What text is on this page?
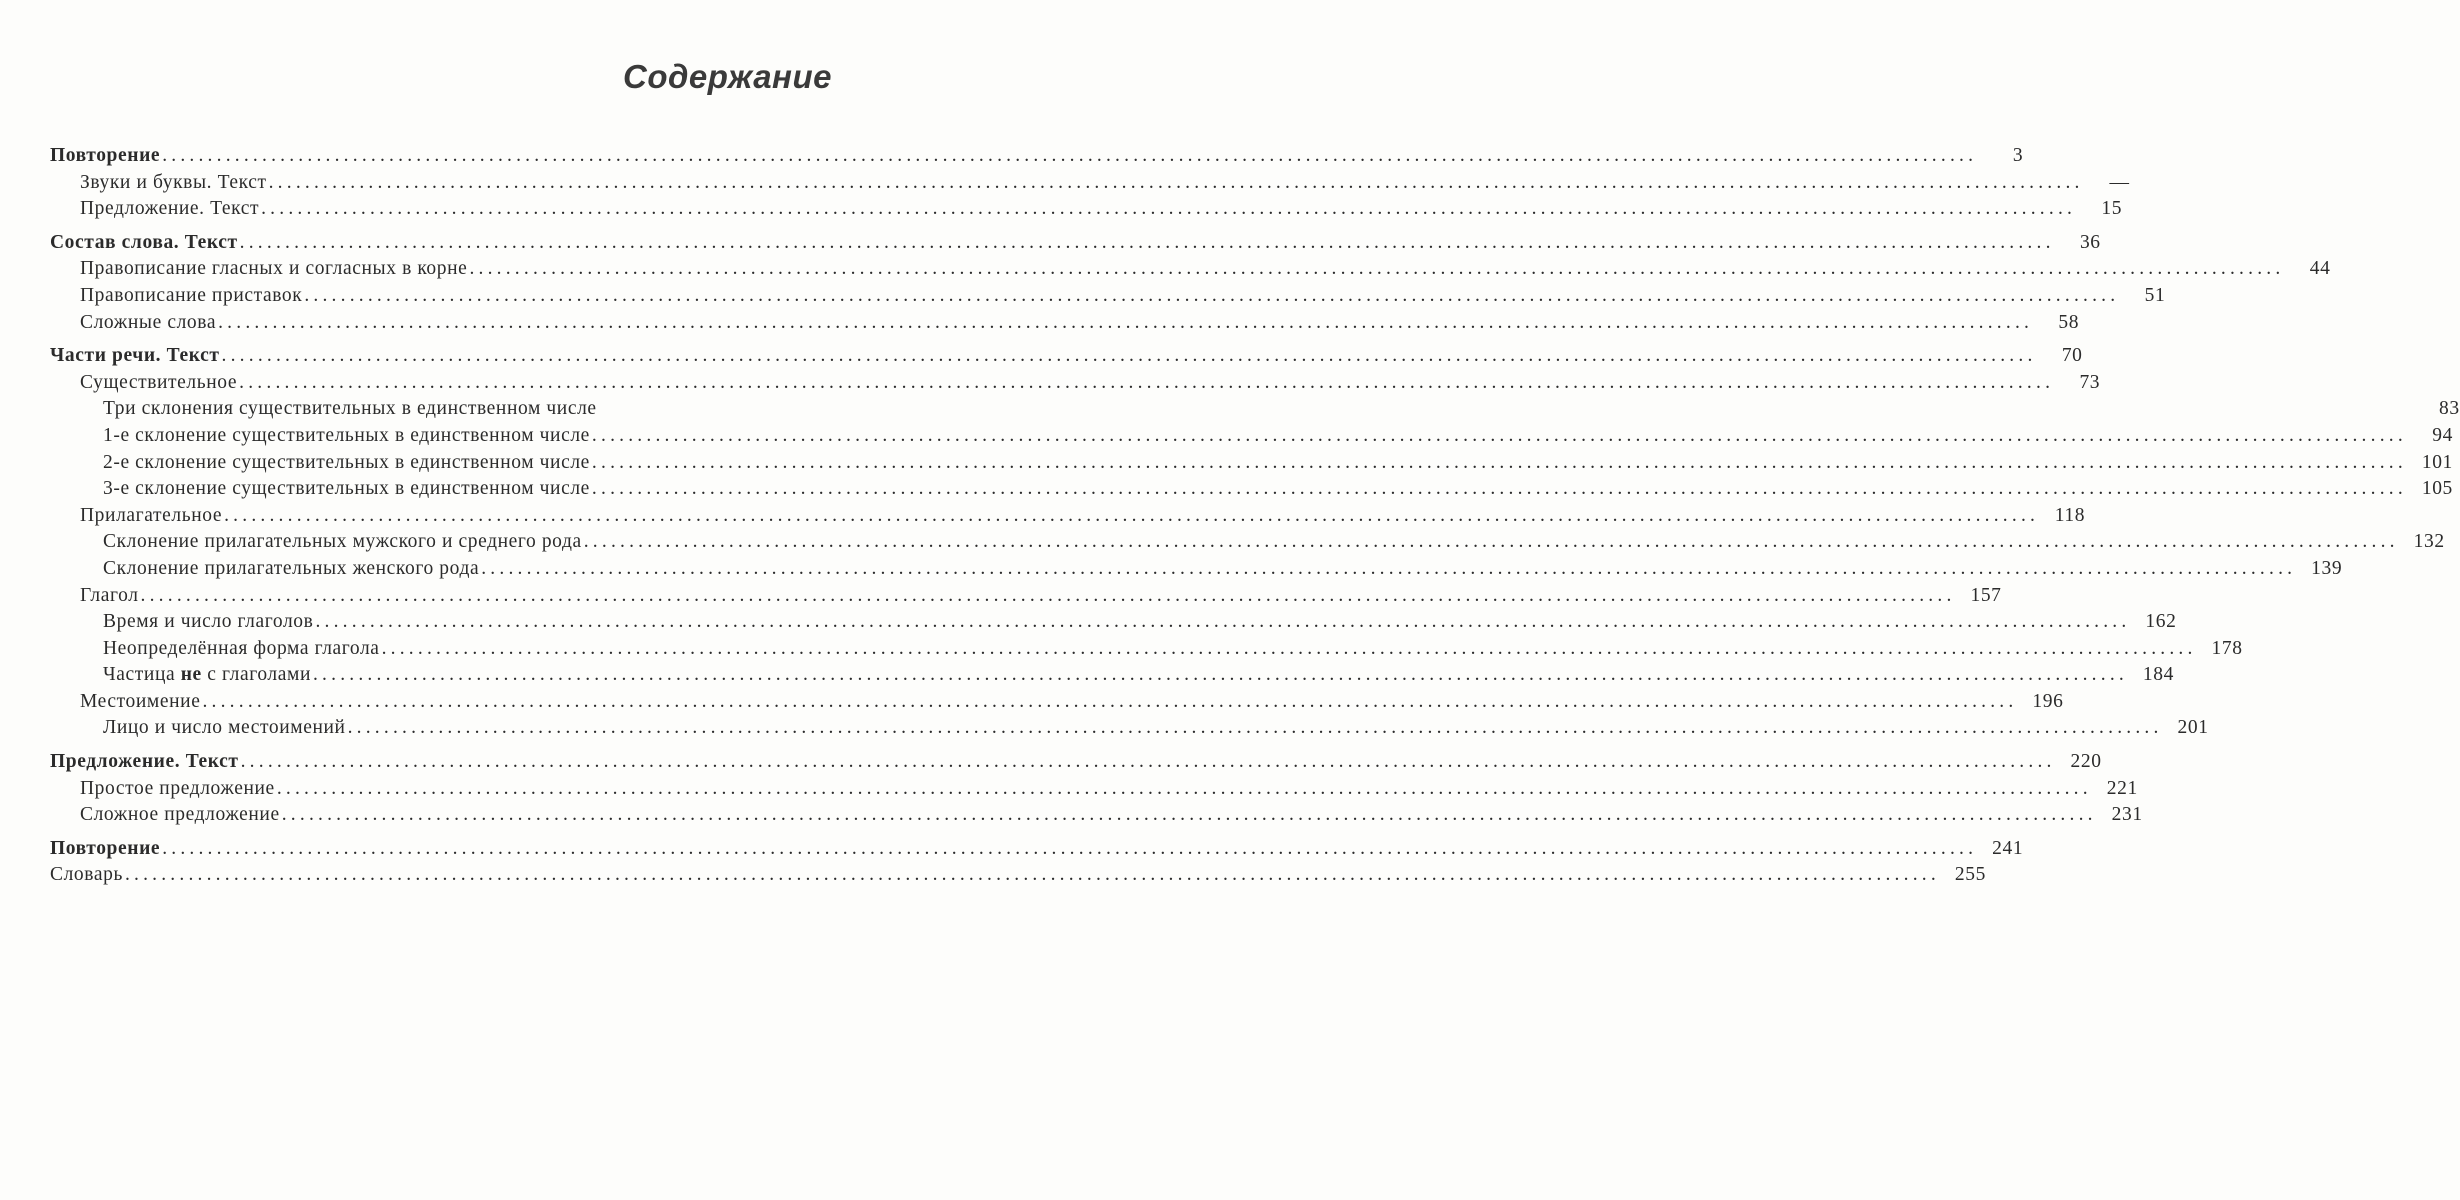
Содержание
Повторение ........................................................................................................................................................................................................	3
Звуки и буквы. Текст ........................................................................................................................................................................................................	—
Предложение. Текст ........................................................................................................................................................................................................	15
Состав слова. Текст ........................................................................................................................................................................................................	36
Правописание гласных и согласных в корне ........................................................................................................................................................................................................	44
Правописание приставок ........................................................................................................................................................................................................	51
Сложные слова ........................................................................................................................................................................................................	58
Части речи. Текст ........................................................................................................................................................................................................	70
Существительное ........................................................................................................................................................................................................	73
Три склонения существительных в единственном числе	83
1-е склонение существительных в единственном числе ........................................................................................................................................................................................................	94
2-е склонение существительных в единственном числе ........................................................................................................................................................................................................ 101
3-е склонение существительных в единственном числе ........................................................................................................................................................................................................ 105
Прилагательное ........................................................................................................................................................................................................ 118
Склонение прилагательных мужского и среднего рода ........................................................................................................................................................................................................ 132
Склонение прилагательных женского рода ........................................................................................................................................................................................................ 139
Глагол ........................................................................................................................................................................................................ 157
Время и число глаголов ........................................................................................................................................................................................................ 162
Неопределённая форма глагола ........................................................................................................................................................................................................ 178
Частица не с глаголами ........................................................................................................................................................................................................ 184
Местоимение ........................................................................................................................................................................................................ 196
Лицо и число местоимений ........................................................................................................................................................................................................ 201
Предложение. Текст ........................................................................................................................................................................................................ 220
Простое предложение ........................................................................................................................................................................................................ 221
Сложное предложение ........................................................................................................................................................................................................ 231
Повторение ........................................................................................................................................................................................................ 241
Словарь ........................................................................................................................................................................................................ 255
